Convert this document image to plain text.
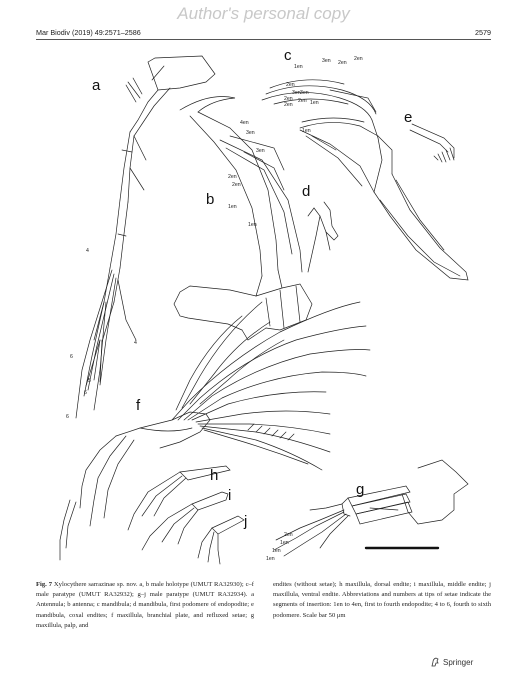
Author's personal copy
Mar Biodiv (2019) 49:2571–2586	2579
a
b
c
d
e
f
g
h
i
j
4en
3en
3en
2en
2en
1en
1en
3en 2en
2en
1en
2en
3en 3en
2en 2en
2en	1en
1en
4
4
6
5
6
6
2en
1en
1en
1en
Fig. 7 Xylocythere sarrazinae sp. nov. a, b male holotype (UMUT RA32930); c–f male paratype (UMUT RA32932); g–j male paratype (UMUT RA32934). a Antennula; b antenna; c mandibula; d mandibula, first podomere of endopodite; e mandibula, coxal endites; f maxillula, branchial plate, and refluxed setae; g maxillula, palp, and
endites (without setae); h maxillula, dorsal endite; i maxillula, middle endite; j maxillula, ventral endite. Abbreviations and numbers at tips of setae indicate the segments of insertion: 1en to 4en, first to fourth endopodite; 4 to 6, fourth to sixth podomere. Scale bar 50 μm
Springer
